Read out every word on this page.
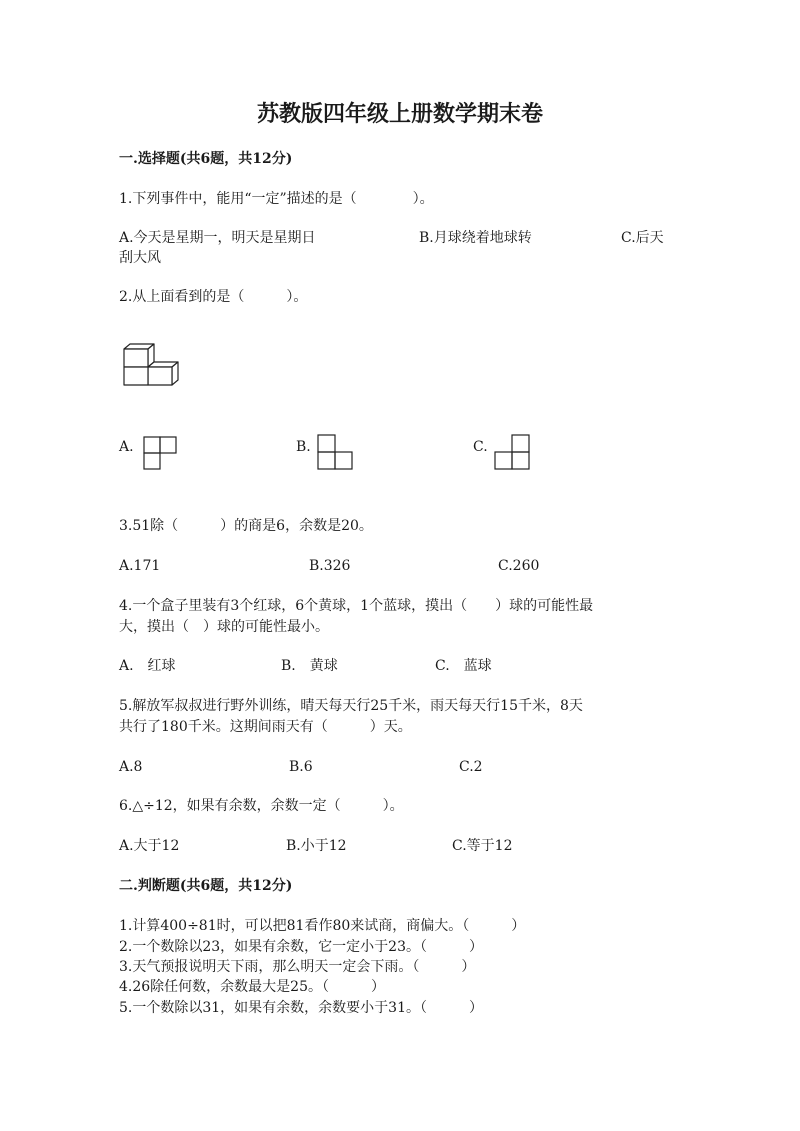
苏教版四年级上册数学期末卷
一.选择题(共6题，共12分)
1.下列事件中，能用“一定”描述的是（　　　　）。
A.今天是星期一，明天是星期日	B.月球绕着地球转	C.后天
刮大风
2.从上面看到的是（　　　）。
A.	B.	C.
3.51除（　　　）的商是6，余数是20。
A.171	B.326	C.260
4.一个盒子里装有3个红球，6个黄球，1个蓝球，摸出（　　）球的可能性最
大，摸出（　）球的可能性最小。
A.　红球	B.　黄球	C.　蓝球
5.解放军叔叔进行野外训练，晴天每天行25千米，雨天每天行15千米，8天
共行了180千米。这期间雨天有（　　　）天。
A.8	B.6	C.2
6.△÷12，如果有余数，余数一定（　　　）。
A.大于12	B.小于12	C.等于12
二.判断题(共6题，共12分)
1.计算400÷81时，可以把81看作80来试商，商偏大。（　　　）
2.一个数除以23，如果有余数，它一定小于23。（　　　）
3.天气预报说明天下雨，那么明天一定会下雨。（　　　）
4.26除任何数，余数最大是25。（　　　）
5.一个数除以31，如果有余数，余数要小于31。（　　　）
